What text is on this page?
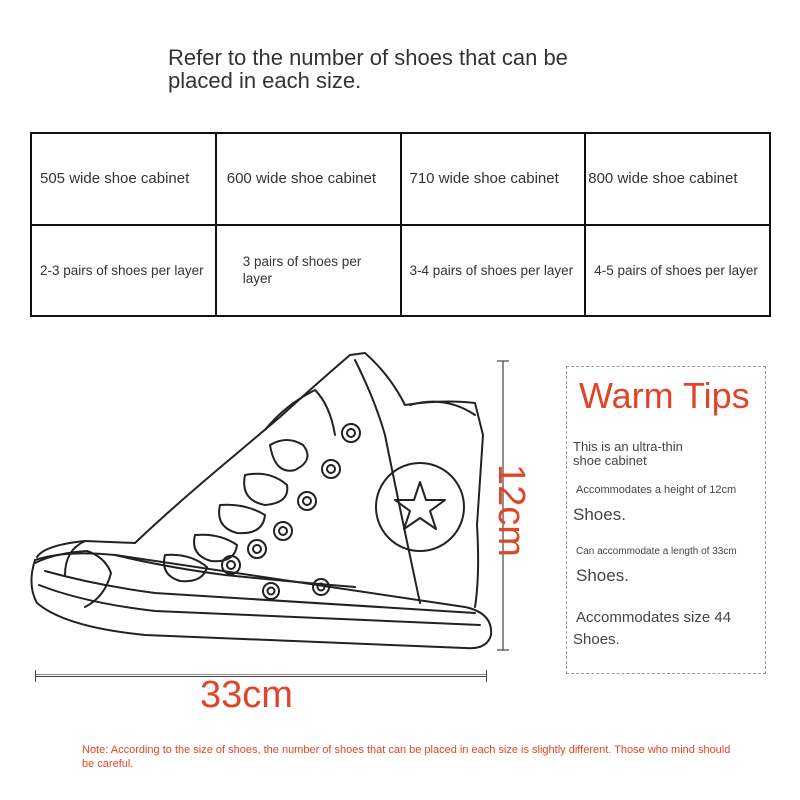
Refer to the number of shoes that can be placed in each size.
505 wide shoe cabinet	600 wide shoe cabinet	710 wide shoe cabinet	800 wide shoe cabinet
2-3 pairs of shoes per layer	3 pairs of shoes per layer	3-4 pairs of shoes per layer	4-5 pairs of shoes per layer
12cm
33cm
Warm Tips
This is an ultra-thin
shoe cabinet
Accommodates a height of 12cm
Shoes.
Can accommodate a length of 33cm
Shoes.
Accommodates size 44
Shoes.
Note: According to the size of shoes, the number of shoes that can be placed in each size is slightly different. Those who mind should be careful.
